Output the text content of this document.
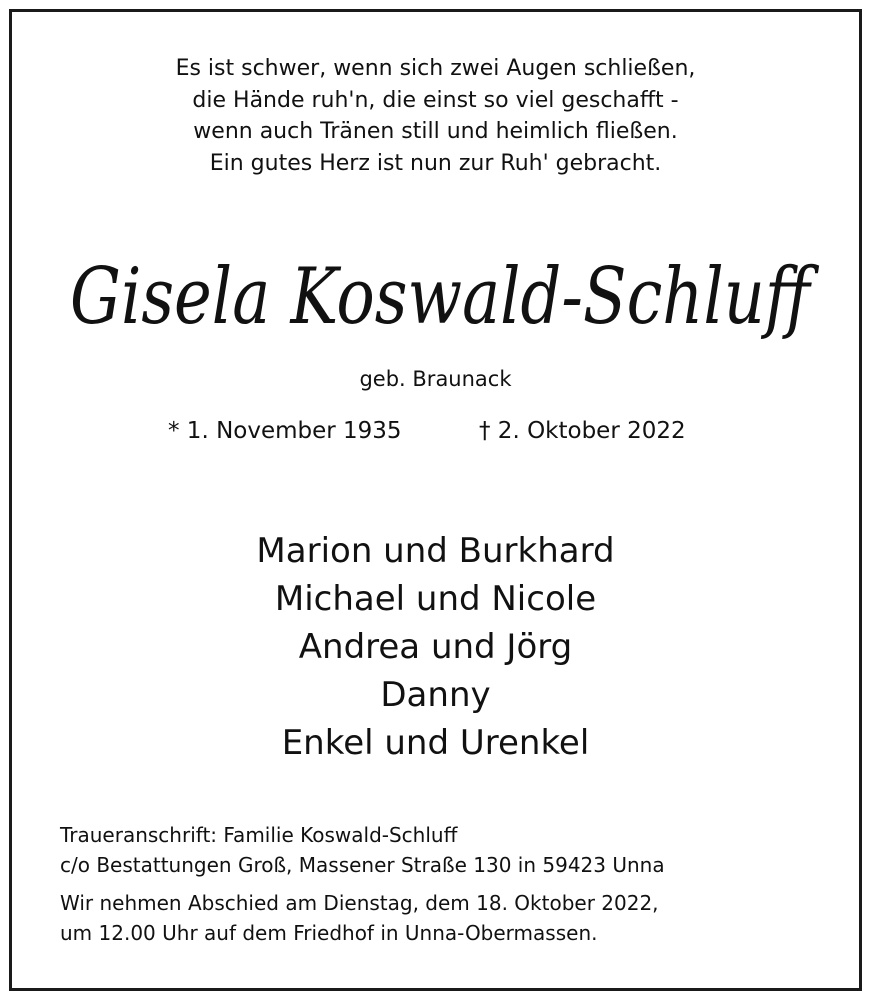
Es ist schwer, wenn sich zwei Augen schließen,
die Hände ruh'n, die einst so viel geschafft -
wenn auch Tränen still und heimlich fließen.
Ein gutes Herz ist nun zur Ruh' gebracht.
Gisela Koswald-Schluff
geb. Braunack
* 1. November 1935	† 2. Oktober 2022
Marion und Burkhard
Michael und Nicole
Andrea und Jörg
Danny
Enkel und Urenkel
Traueranschrift: Familie Koswald-Schluff
c/o Bestattungen Groß, Massener Straße 130 in 59423 Unna
Wir nehmen Abschied am Dienstag, dem 18. Oktober 2022,
um 12.00 Uhr auf dem Friedhof in Unna-Obermassen.
